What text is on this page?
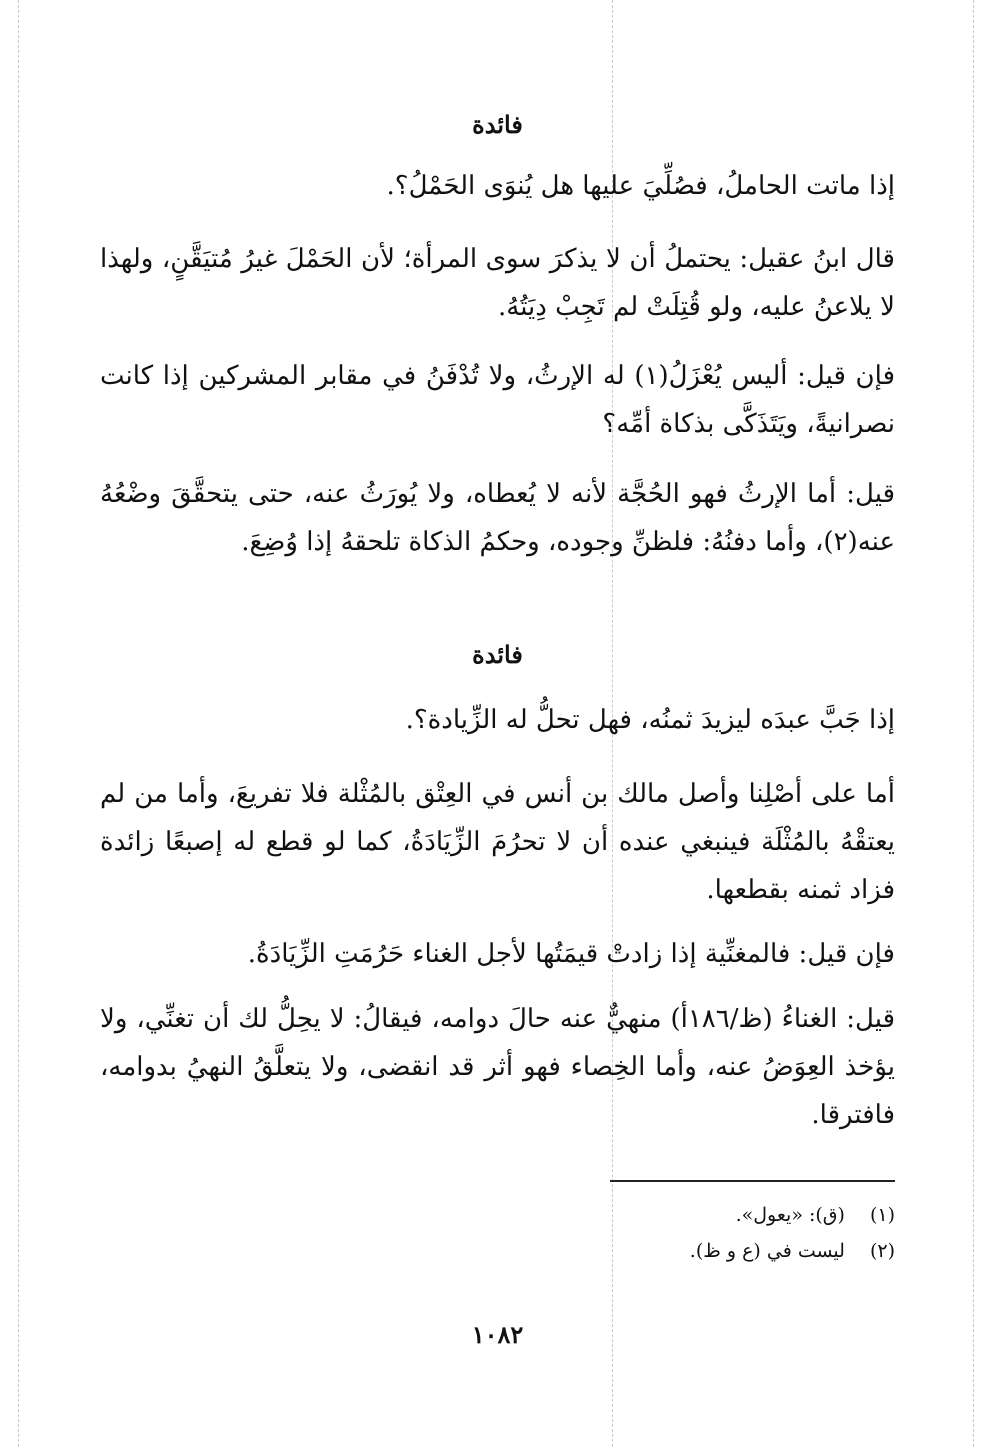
فائدة
إذا ماتت الحاملُ، فصُلِّيَ عليها هل يُنوَى الحَمْلُ؟.
قال ابنُ عقيل: يحتملُ أن لا يذكرَ سوى المرأة؛ لأن الحَمْلَ غيرُ مُتيَقَّنٍ، ولهذا لا يلاعنُ عليه، ولو قُتِلَتْ لم تَجِبْ دِيَتُهُ.
فإن قيل: أليس يُعْزَلُ(١) له الإرثُ، ولا تُدْفَنُ في مقابر المشركين إذا كانت نصرانيةً، ويَتَذَكَّى بذكاة أمِّه؟
قيل: أما الإرثُ فهو الحُجَّة لأنه لا يُعطاه، ولا يُورَثُ عنه، حتى يتحقَّقَ وضْعُهُ عنه(٢)، وأما دفنُهُ: فلظنِّ وجوده، وحكمُ الذكاة تلحقهُ إذا وُضِعَ.
فائدة
إذا جَبَّ عبدَه ليزيدَ ثمنُه، فهل تحلُّ له الزِّيادة؟.
أما على أصْلِنا وأصل مالك بن أنس في العِتْق بالمُثْلة فلا تفريعَ، وأما من لم يعتقْهُ بالمُثْلَة فينبغي عنده أن لا تحرُمَ الزِّيَادَةُ، كما لو قطع له إصبعًا زائدة فزاد ثمنه بقطعها.
فإن قيل: فالمغنِّية إذا زادتْ قيمَتُها لأجل الغناء حَرُمَتِ الزِّيَادَةُ.
قيل: الغناءُ (ظ/١٨٦أ) منهيٌّ عنه حالَ دوامه، فيقالُ: لا يحِلُّ لك أن تغنِّي، ولا يؤخذ العِوَضُ عنه، وأما الخِصاء فهو أثر قد انقضى، ولا يتعلَّقُ النهيُ بدوامه، فافترقا.
(١) (ق): «يعول».
(٢) ليست في (ع و ظ).
١٠٨٢
